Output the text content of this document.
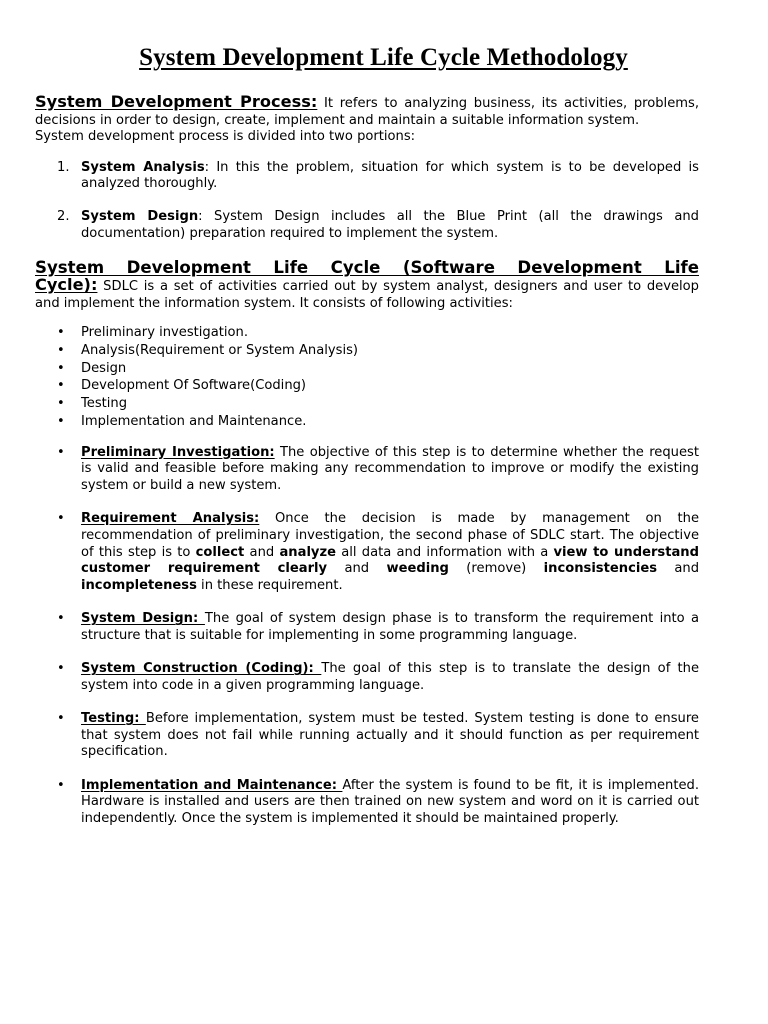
System Development Life Cycle Methodology

System Development Process: It refers to analyzing business, its activities, problems, decisions in order to design, create, implement and maintain a suitable information system.

System development process is divided into two portions:

1. System Analysis: In this the problem, situation for which system is to be developed is analyzed thoroughly.
2. System Design: System Design includes all the Blue Print (all the drawings and documentation) preparation required to implement the system.
System Development Life Cycle (Software Development Life

Cycle): SDLC is a set of activities carried out by system analyst, designers and user to develop and implement the information system. It consists of following activities:

• Preliminary investigation.
• Analysis(Requirement or System Analysis)
• Design
• Development Of Software(Coding)
• Testing
• Implementation and Maintenance.
• Preliminary Investigation: The objective of this step is to determine whether the request is valid and feasible before making any recommendation to improve or modify the existing system or build a new system.
• Requirement Analysis: Once the decision is made by management on the recommendation of preliminary investigation, the second phase of SDLC start. The objective of this step is to collect and analyze all data and information with a view to understand customer requirement clearly and weeding (remove) inconsistencies and incompleteness in these requirement.
• System Design: The goal of system design phase is to transform the requirement into a structure that is suitable for implementing in some programming language.
• System Construction (Coding): The goal of this step is to translate the design of the system into code in a given programming language.
• Testing: Before implementation, system must be tested. System testing is done to ensure that system does not fail while running actually and it should function as per requirement specification.
• Implementation and Maintenance: After the system is found to be fit, it is implemented. Hardware is installed and users are then trained on new system and word on it is carried out independently. Once the system is implemented it should be maintained properly.
